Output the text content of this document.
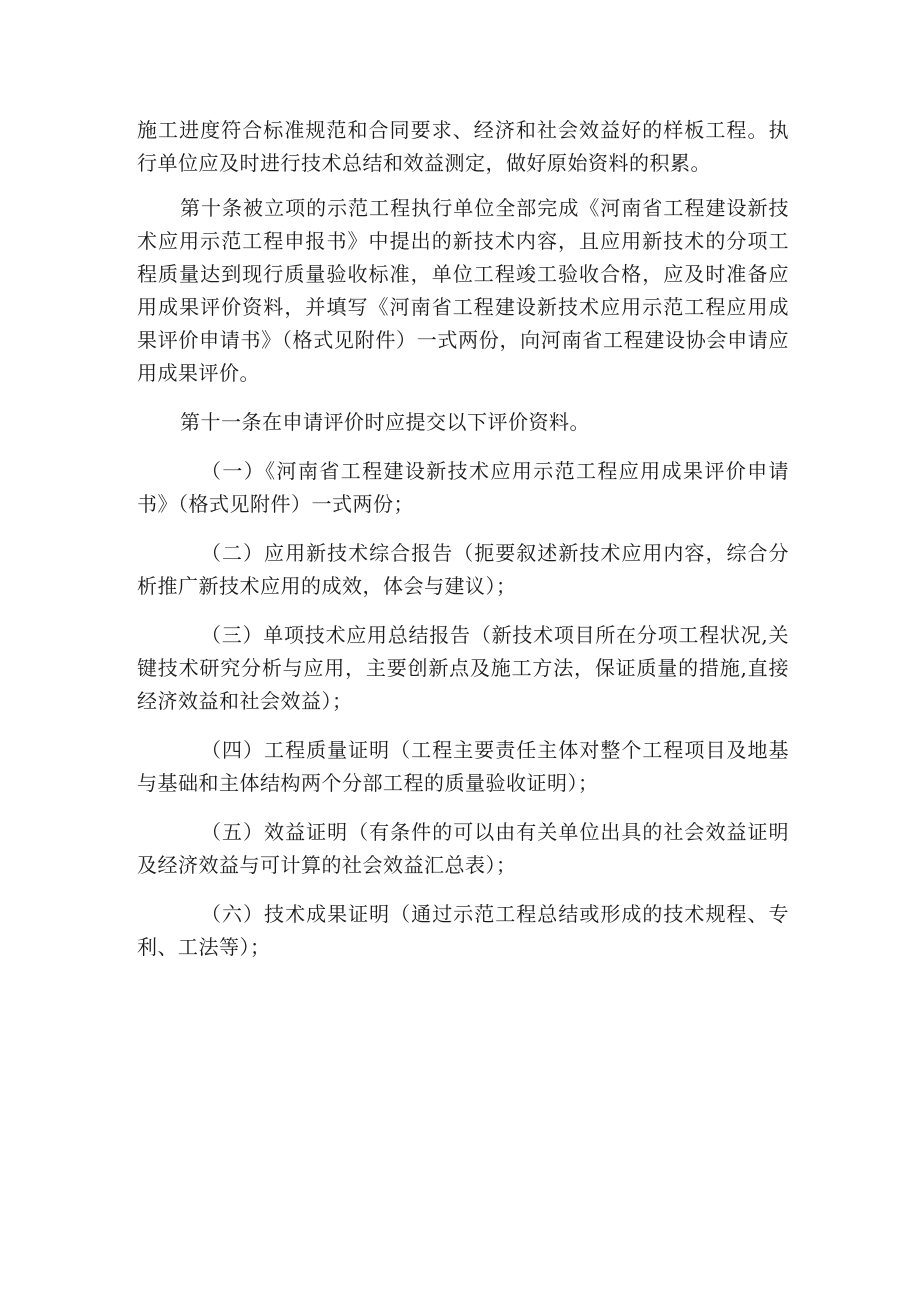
施工进度符合标准规范和合同要求、经济和社会效益好的样板工程。执行单位应及时进行技术总结和效益测定，做好原始资料的积累。

第十条被立项的示范工程执行单位全部完成《河南省工程建设新技术应用示范工程申报书》中提出的新技术内容，且应用新技术的分项工程质量达到现行质量验收标准，单位工程竣工验收合格，应及时准备应用成果评价资料，并填写《河南省工程建设新技术应用示范工程应用成果评价申请书》（格式见附件）一式两份，向河南省工程建设协会申请应用成果评价。

第十一条在申请评价时应提交以下评价资料。

（一）《河南省工程建设新技术应用示范工程应用成果评价申请书》（格式见附件）一式两份；

（二）应用新技术综合报告（扼要叙述新技术应用内容，综合分析推广新技术应用的成效，体会与建议）；

（三）单项技术应用总结报告（新技术项目所在分项工程状况,关键技术研究分析与应用，主要创新点及施工方法，保证质量的措施,直接经济效益和社会效益）；

（四）工程质量证明（工程主要责任主体对整个工程项目及地基与基础和主体结构两个分部工程的质量验收证明）；

（五）效益证明（有条件的可以由有关单位出具的社会效益证明及经济效益与可计算的社会效益汇总表）；

（六）技术成果证明（通过示范工程总结或形成的技术规程、专利、工法等）；
